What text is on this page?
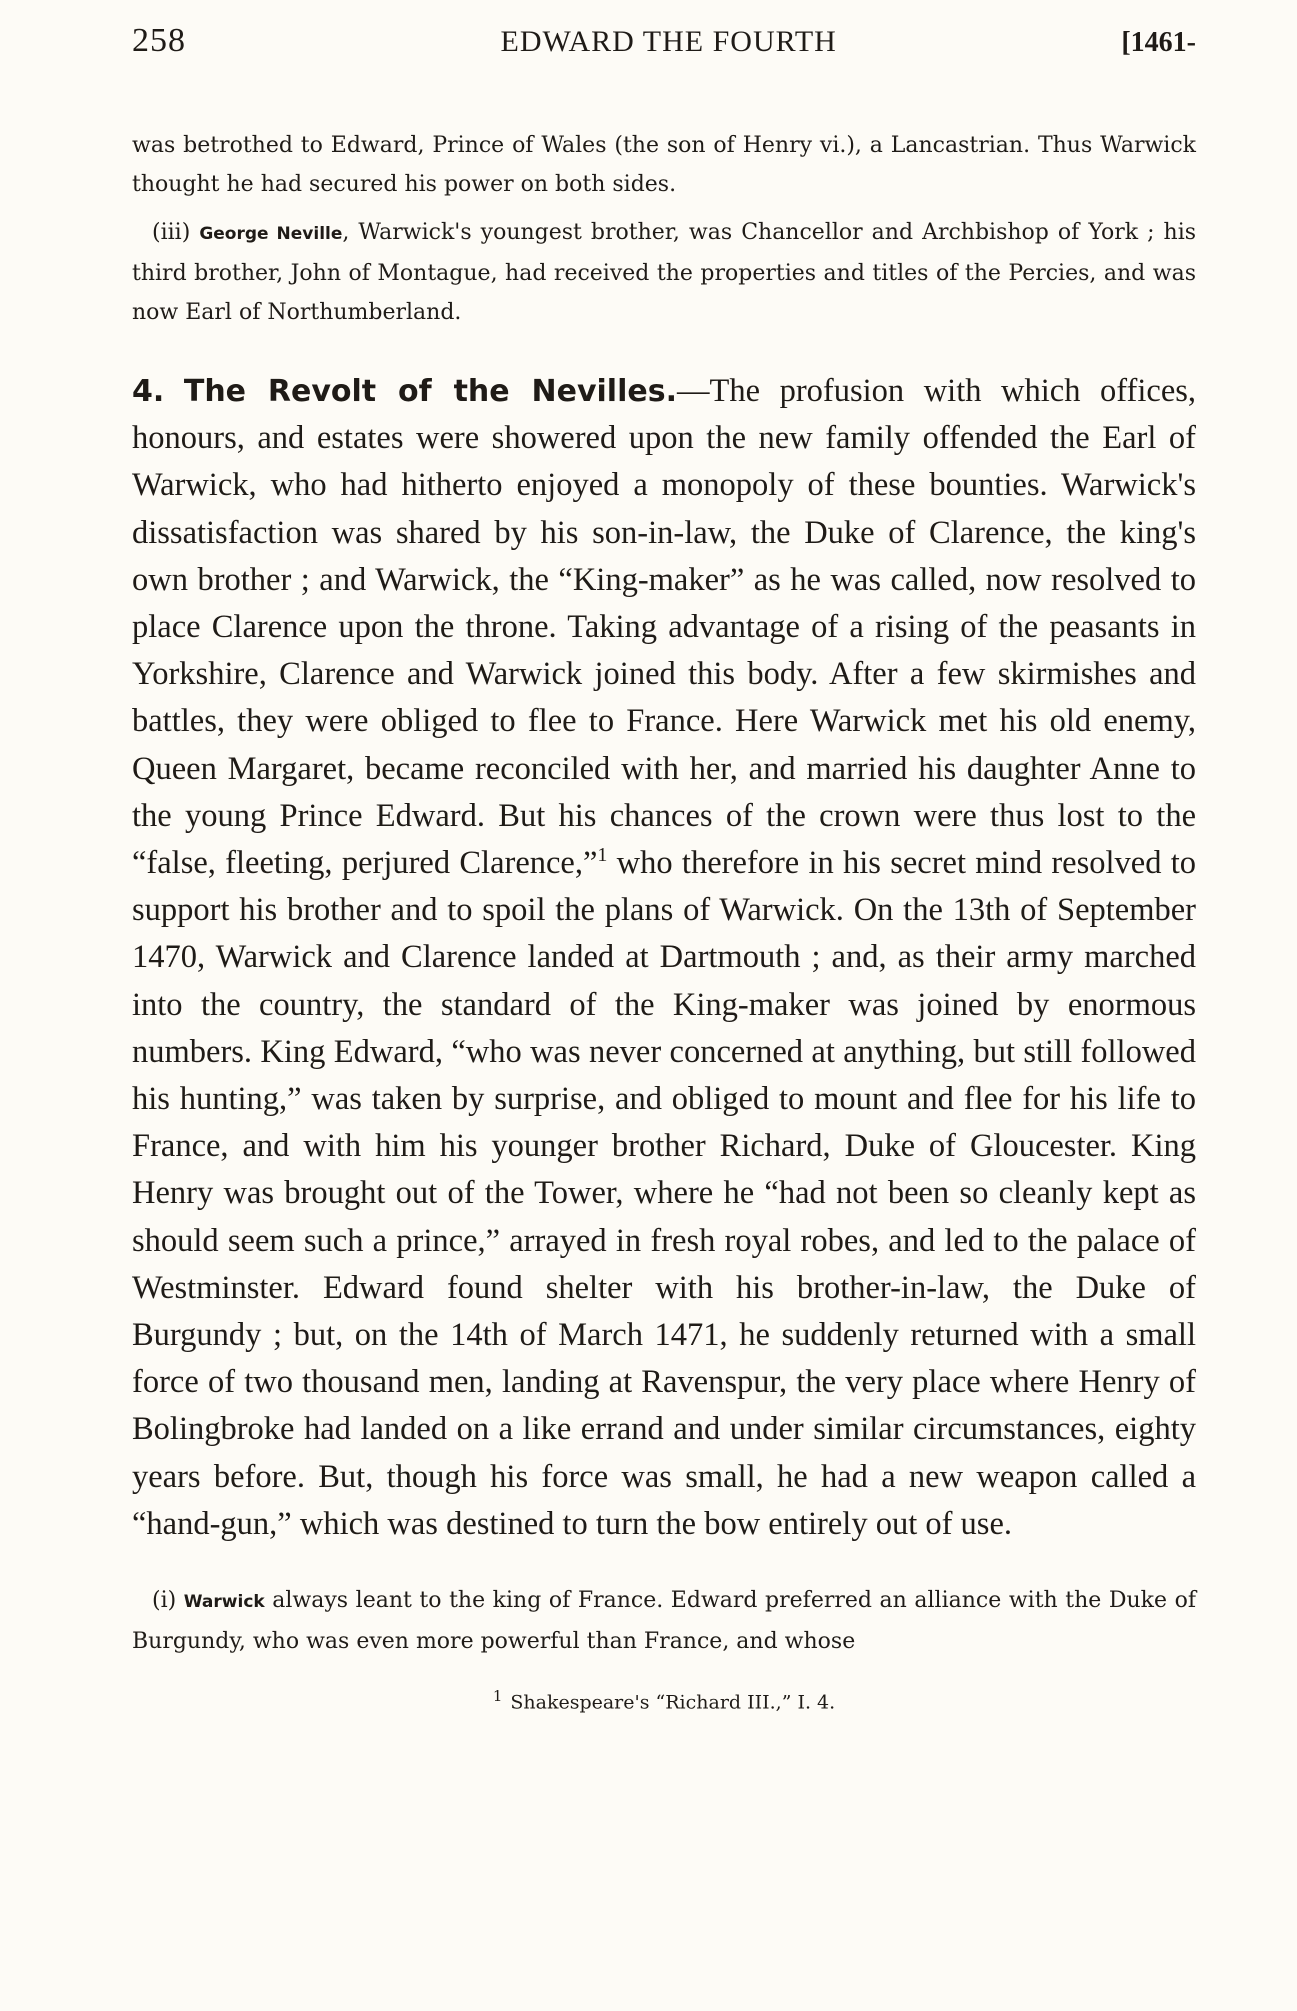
258	EDWARD THE FOURTH	[1461-

was betrothed to Edward, Prince of Wales (the son of Henry vi.), a Lancastrian. Thus Warwick thought he had secured his power on both sides.

(iii) George Neville, Warwick's youngest brother, was Chancellor and Archbishop of York ; his third brother, John of Montague, had received the properties and titles of the Percies, and was now Earl of Northumberland.

4. The Revolt of the Nevilles.—The profusion with which offices, honours, and estates were showered upon the new family offended the Earl of Warwick, who had hitherto enjoyed a monopoly of these bounties. Warwick's dissatisfaction was shared by his son-in-law, the Duke of Clarence, the king's own brother ; and Warwick, the “King-maker” as he was called, now resolved to place Clarence upon the throne. Taking advantage of a rising of the peasants in Yorkshire, Clarence and Warwick joined this body. After a few skirmishes and battles, they were obliged to flee to France. Here Warwick met his old enemy, Queen Margaret, became reconciled with her, and married his daughter Anne to the young Prince Edward. But his chances of the crown were thus lost to the “false, fleeting, perjured Clarence,”$^1$ who therefore in his secret mind resolved to support his brother and to spoil the plans of Warwick. On the 13th of September 1470, Warwick and Clarence landed at Dartmouth ; and, as their army marched into the country, the standard of the King-maker was joined by enormous numbers. King Edward, “who was never concerned at anything, but still followed his hunting,” was taken by surprise, and obliged to mount and flee for his life to France, and with him his younger brother Richard, Duke of Gloucester. King Henry was brought out of the Tower, where he “had not been so cleanly kept as should seem such a prince,” arrayed in fresh royal robes, and led to the palace of Westminster. Edward found shelter with his brother-in-law, the Duke of Burgundy ; but, on the 14th of March 1471, he suddenly returned with a small force of two thousand men, landing at Ravenspur, the very place where Henry of Bolingbroke had landed on a like errand and under similar circumstances, eighty years before. But, though his force was small, he had a new weapon called a “hand-gun,” which was destined to turn the bow entirely out of use.

(i) Warwick always leant to the king of France. Edward preferred an alliance with the Duke of Burgundy, who was even more powerful than France, and whose

$^1$ Shakespeare's “Richard III.,” I. 4.
